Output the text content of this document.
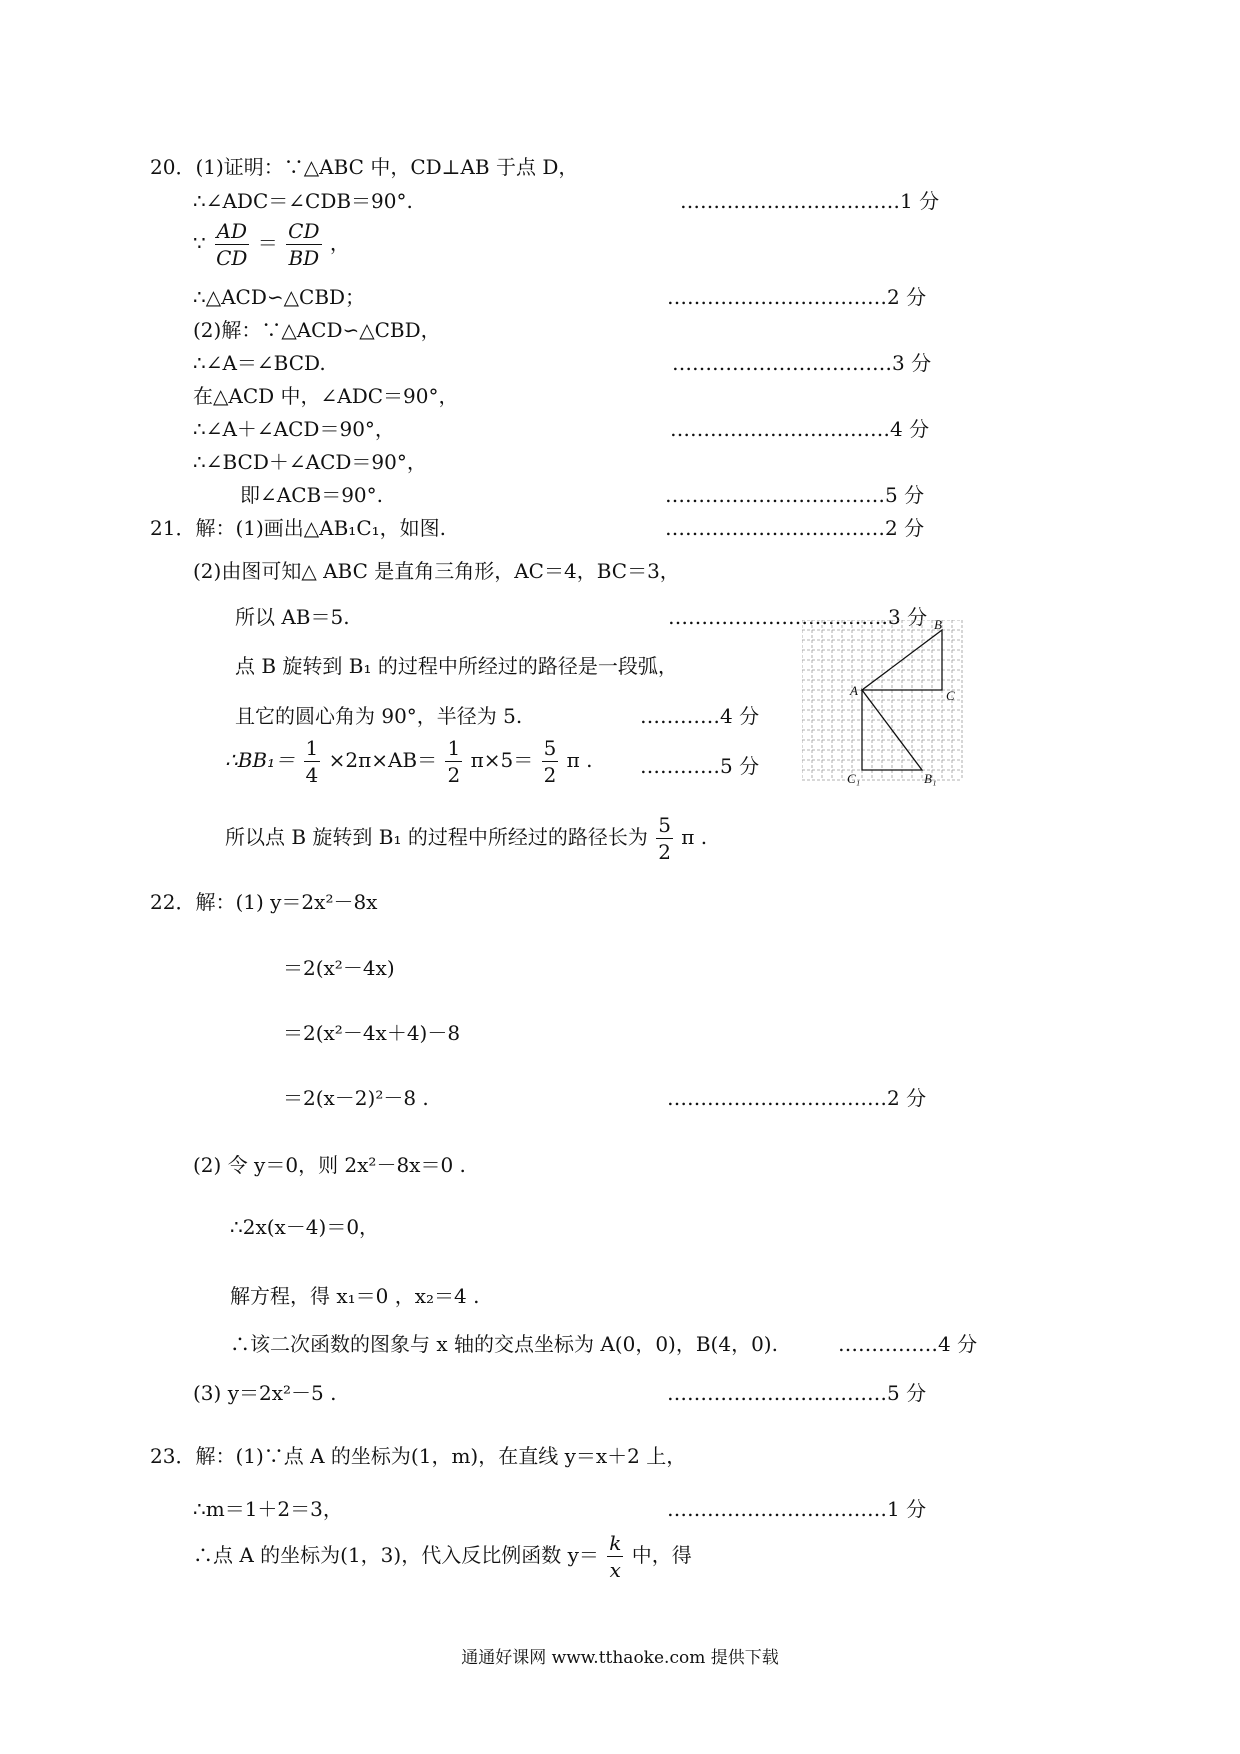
20．(1)证明：∵△ABC 中，CD⊥AB 于点 D，
∴∠ADC＝∠CDB＝90°.	……………………………1 分
∵ $\frac{AD}{CD} = \frac{CD}{BD}$ ，
∴△ACD∽△CBD；	……………………………2 分
(2)解：∵△ACD∽△CBD，
∴∠A＝∠BCD.	……………………………3 分
在△ACD 中，∠ADC＝90°，
∴∠A＋∠ACD＝90°，	……………………………4 分
∴∠BCD＋∠ACD＝90°，
即∠ACB＝90°.	……………………………5 分
21．解：(1)画出△AB₁C₁，如图.	……………………………2 分
(2)由图可知△ ABC 是直角三角形，AC＝4，BC＝3，
所以 AB＝5.	……………………………3 分
点 B 旋转到 B₁ 的过程中所经过的路径是一段弧，
且它的圆心角为 90°，半径为 5.	…………4 分
∴BB₁＝ $\frac{1}{4} \times 2\pi\times AB= \frac{1}{2} \pi\times 5= \frac{5}{2}$ π . …………5 分
所以点 B 旋转到 B₁ 的过程中所经过的路径长为 $\frac{5}{2}$ π .
A
B
C
C₁	B₁
22．解：(1) y＝2x²－8x
＝2(x²－4x)
＝2(x²－4x＋4)－8
＝2(x－2)²－8 .	……………………………2 分
(2) 令 y＝0，则 2x²－8x＝0 .
∴2x(x－4)＝0，
解方程，得 x₁＝0 ，x₂＝4 .
∴该二次函数的图象与 x 轴的交点坐标为 A(0，0)，B(4，0).	……………4 分
(3) y＝2x²－5 .	……………………………5 分
23．解：(1)∵点 A 的坐标为(1，m)，在直线 y＝x＋2 上，
∴m＝1＋2＝3，	……………………………1 分
∴点 A 的坐标为(1，3)，代入反比例函数 $y= \frac{k}{x}$ 中，得
通通好课网 www.tthaoke.com 提供下载
